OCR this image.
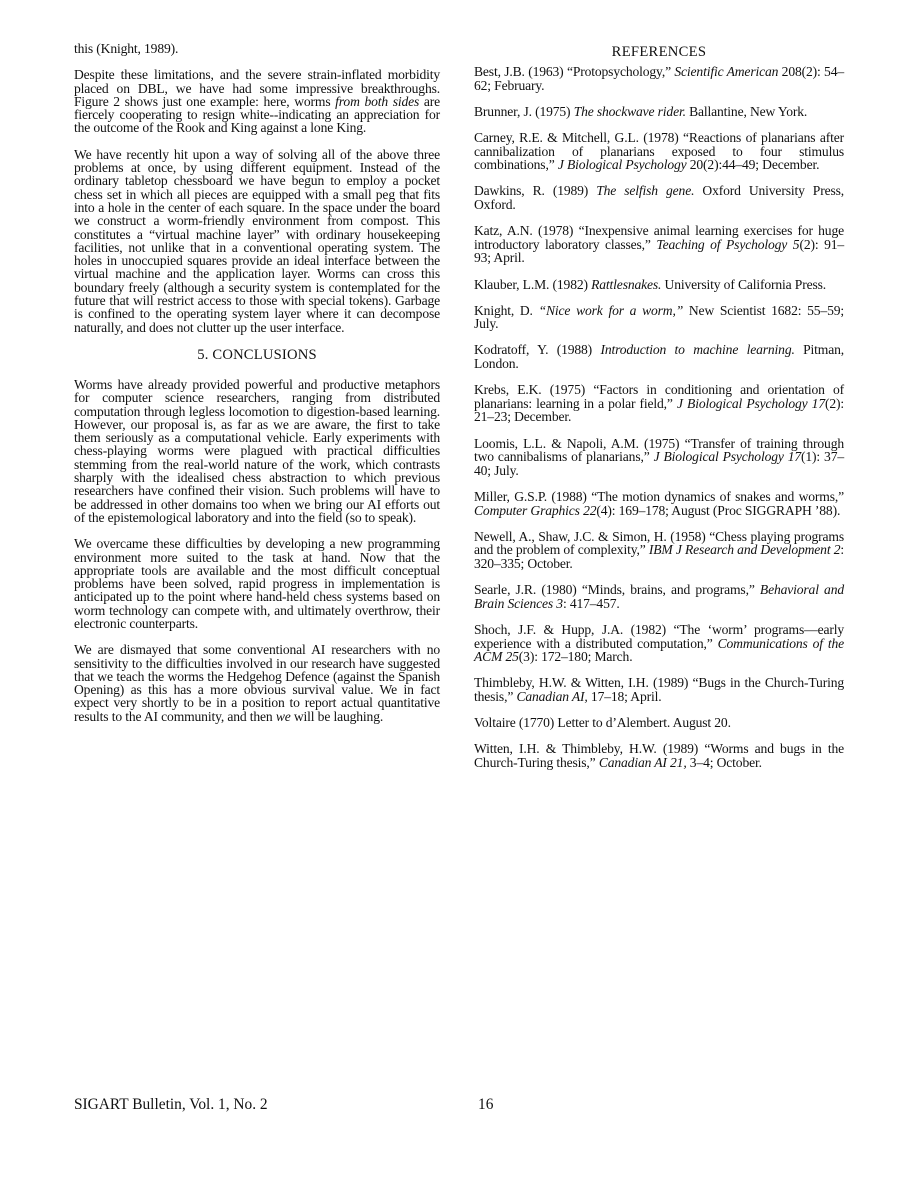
this (Knight, 1989).

Despite these limitations, and the severe strain-inflated morbidity placed on DBL, we have had some impressive breakthroughs. Figure 2 shows just one example: here, worms from both sides are fiercely cooperating to resign white--indicating an appreciation for the outcome of the Rook and King against a lone King.

We have recently hit upon a way of solving all of the above three problems at once, by using different equipment. Instead of the ordinary tabletop chessboard we have begun to employ a pocket chess set in which all pieces are equipped with a small peg that fits into a hole in the center of each square. In the space under the board we construct a worm-friendly environment from compost. This constitutes a “virtual machine layer” with ordinary housekeeping facilities, not unlike that in a conventional operating system. The holes in unoccupied squares provide an ideal interface between the virtual machine and the application layer. Worms can cross this boundary freely (although a security system is contemplated for the future that will restrict access to those with special tokens). Garbage is confined to the operating system layer where it can decompose naturally, and does not clutter up the user interface.

5. CONCLUSIONS

Worms have already provided powerful and productive metaphors for computer science researchers, ranging from distributed computation through legless locomotion to digestion-based learning. However, our proposal is, as far as we are aware, the first to take them seriously as a computational vehicle. Early experiments with chess-playing worms were plagued with practical difficulties stemming from the real-world nature of the work, which contrasts sharply with the idealised chess abstraction to which previous researchers have confined their vision. Such problems will have to be addressed in other domains too when we bring our AI efforts out of the epistemological laboratory and into the field (so to speak).

We overcame these difficulties by developing a new programming environment more suited to the task at hand. Now that the appropriate tools are available and the most difficult conceptual problems have been solved, rapid progress in implementation is anticipated up to the point where hand-held chess systems based on worm technology can compete with, and ultimately overthrow, their electronic counterparts.

We are dismayed that some conventional AI researchers with no sensitivity to the difficulties involved in our research have suggested that we teach the worms the Hedgehog Defence (against the Spanish Opening) as this has a more obvious survival value. We in fact expect very shortly to be in a position to report actual quantitative results to the AI community, and then we will be laughing.

REFERENCES

Best, J.B. (1963) “Protopsychology,” Scientific American 208(2): 54–62; February.

Brunner, J. (1975) The shockwave rider. Ballantine, New York.

Carney, R.E. & Mitchell, G.L. (1978) “Reactions of planarians after cannibalization of planarians exposed to four stimulus combinations,” J Biological Psychology 20(2):44–49; December.

Dawkins, R. (1989) The selfish gene. Oxford University Press, Oxford.

Katz, A.N. (1978) “Inexpensive animal learning exercises for huge introductory laboratory classes,” Teaching of Psychology 5(2): 91–93; April.

Klauber, L.M. (1982) Rattlesnakes. University of California Press.

Knight, D. “Nice work for a worm,” New Scientist 1682: 55–59; July.

Kodratoff, Y. (1988) Introduction to machine learning. Pitman, London.

Krebs, E.K. (1975) “Factors in conditioning and orientation of planarians: learning in a polar field,” J Biological Psychology 17(2): 21–23; December.

Loomis, L.L. & Napoli, A.M. (1975) “Transfer of training through two cannibalisms of planarians,” J Biological Psychology 17(1): 37–40; July.

Miller, G.S.P. (1988) “The motion dynamics of snakes and worms,” Computer Graphics 22(4): 169–178; August (Proc SIGGRAPH ’88).

Newell, A., Shaw, J.C. & Simon, H. (1958) “Chess playing programs and the problem of complexity,” IBM J Research and Development 2: 320–335; October.

Searle, J.R. (1980) “Minds, brains, and programs,” Behavioral and Brain Sciences 3: 417–457.

Shoch, J.F. & Hupp, J.A. (1982) “The ‘worm’ programs—early experience with a distributed computation,” Communications of the ACM 25(3): 172–180; March.

Thimbleby, H.W. & Witten, I.H. (1989) “Bugs in the Church-Turing thesis,” Canadian AI, 17–18; April.

Voltaire (1770) Letter to d’Alembert. August 20.

Witten, I.H. & Thimbleby, H.W. (1989) “Worms and bugs in the Church-Turing thesis,” Canadian AI 21, 3–4; October.

SIGART Bulletin, Vol. 1, No. 2	16
